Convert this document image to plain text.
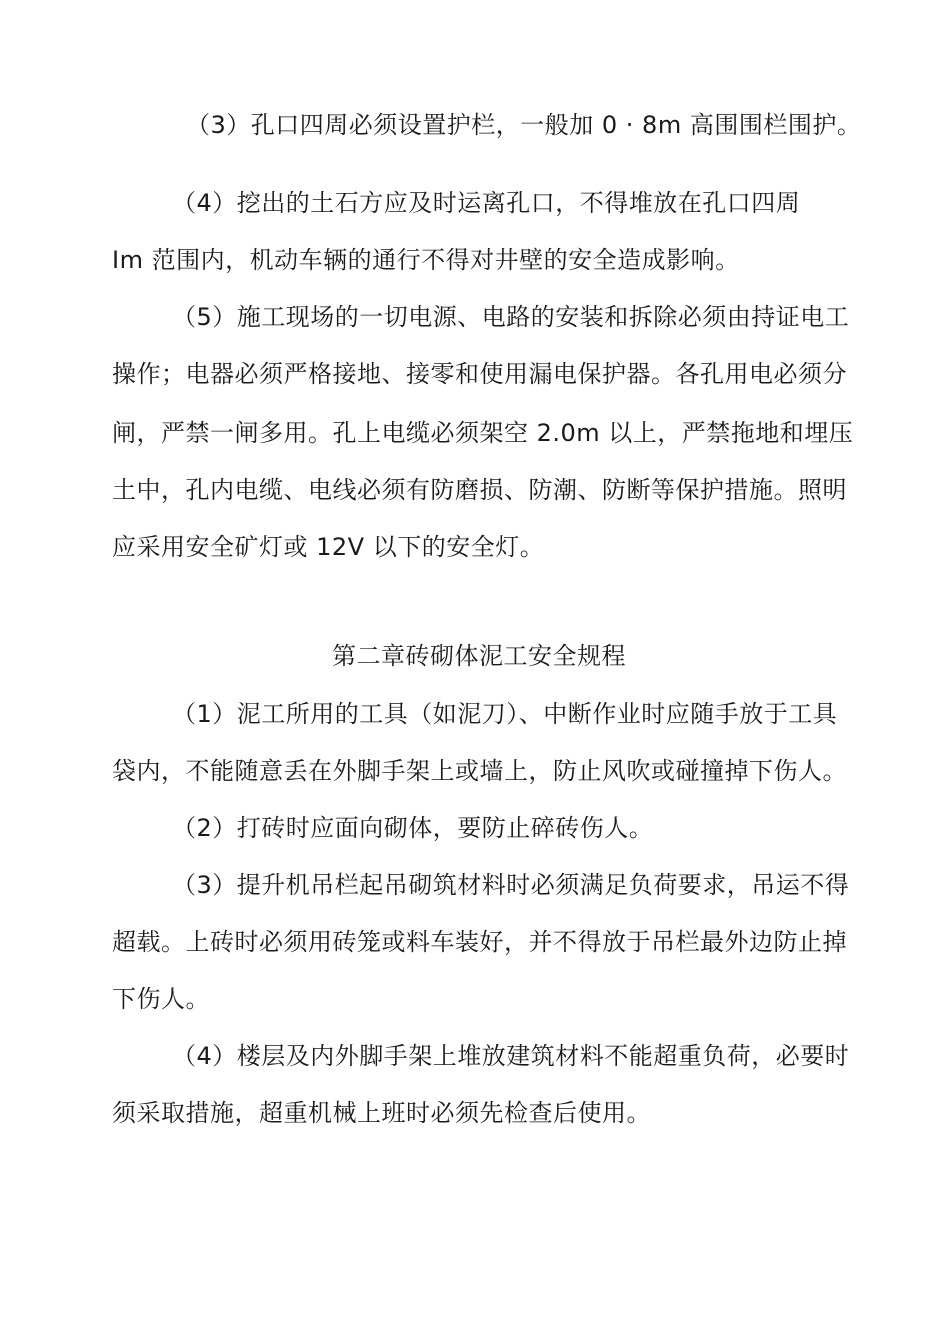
（3）孔口四周必须设置护栏，一般加 0 · 8m 高围围栏围护。
（4）挖出的土石方应及时运离孔口，不得堆放在孔口四周
Im 范围内，机动车辆的通行不得对井壁的安全造成影响。
（5）施工现场的一切电源、电路的安装和拆除必须由持证电工
操作；电器必须严格接地、接零和使用漏电保护器。各孔用电必须分
闸，严禁一闸多用。孔上电缆必须架空 2.0m 以上，严禁拖地和埋压
土中，孔内电缆、电线必须有防磨损、防潮、防断等保护措施。照明
应采用安全矿灯或 12V 以下的安全灯。
第二章砖砌体泥工安全规程
（1）泥工所用的工具（如泥刀）、中断作业时应随手放于工具
袋内，不能随意丢在外脚手架上或墙上，防止风吹或碰撞掉下伤人。
（2）打砖时应面向砌体，要防止碎砖伤人。
（3）提升机吊栏起吊砌筑材料时必须满足负荷要求，吊运不得
超载。上砖时必须用砖笼或料车装好，并不得放于吊栏最外边防止掉
下伤人。
（4）楼层及内外脚手架上堆放建筑材料不能超重负荷，必要时
须采取措施，超重机械上班时必须先检查后使用。
